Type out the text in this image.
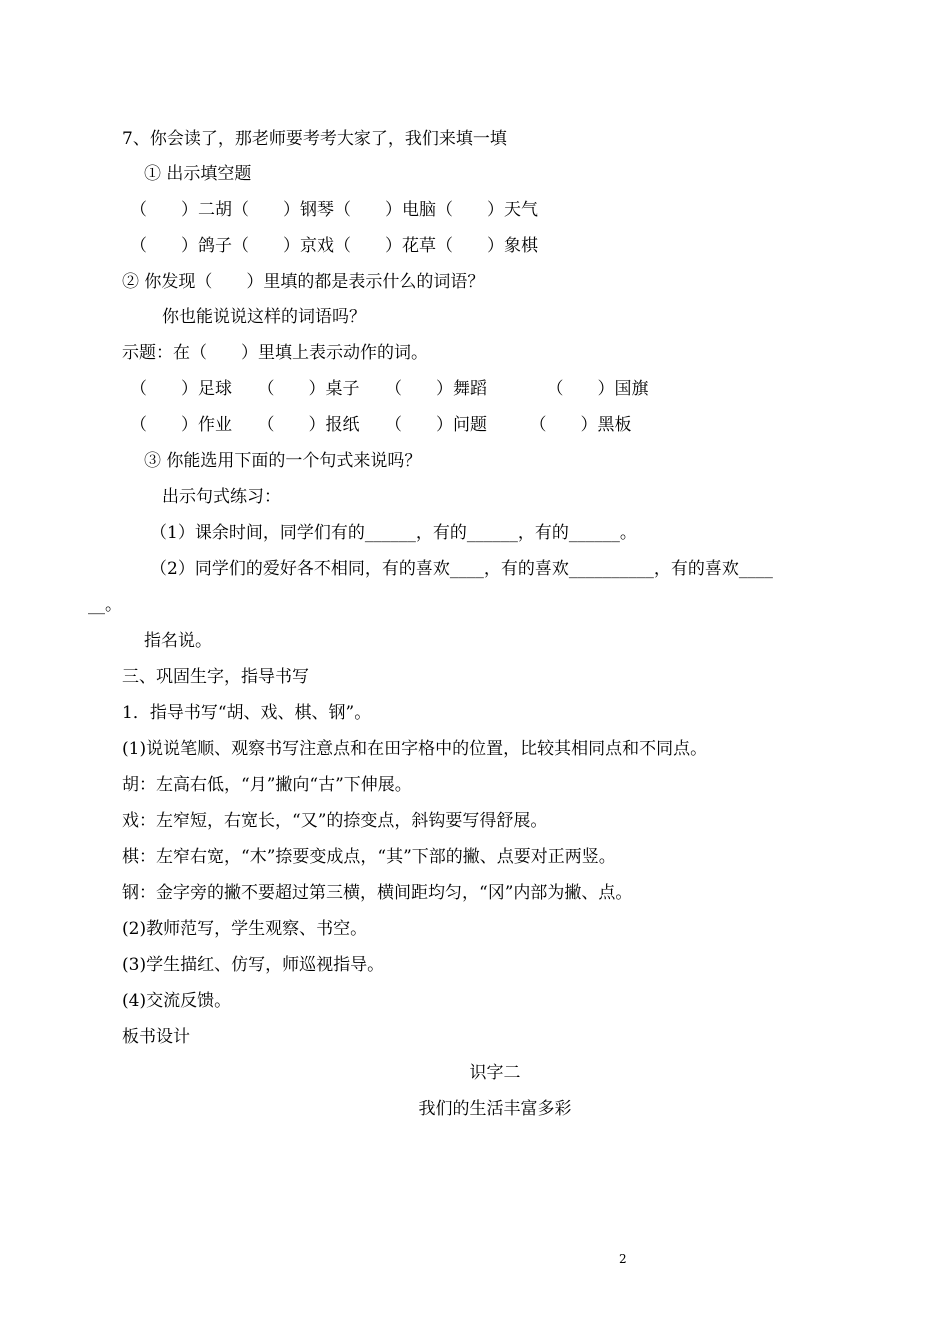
7、你会读了，那老师要考考大家了，我们来填一填
① 出示填空题
（　　）二胡（　　）钢琴（　　）电脑（　　）天气
（　　）鸽子（　　）京戏（　　）花草（　　）象棋
② 你发现（　　）里填的都是表示什么的词语？
你也能说说这样的词语吗？
示题：在（　　）里填上表示动作的词。
（　　）足球　　（　　）桌子　　（　　）舞蹈　　　　（　　）国旗
（　　）作业　　（　　）报纸　　（　　）问题　　　（　　）黑板
③ 你能选用下面的一个句式来说吗？
出示句式练习：
（1）课余时间，同学们有的______，有的______，有的______。
（2）同学们的爱好各不相同，有的喜欢____，有的喜欢__________，有的喜欢____
__。
指名说。
三、巩固生字，指导书写
1．指导书写“胡、戏、棋、钢”。
(1)说说笔顺、观察书写注意点和在田字格中的位置，比较其相同点和不同点。
胡：左高右低，“月”撇向“古”下伸展。
戏：左窄短，右宽长，“又”的捺变点，斜钩要写得舒展。
棋：左窄右宽，“木”捺要变成点，“其”下部的撇、点要对正两竖。
钢：金字旁的撇不要超过第三横，横间距均匀，“冈”内部为撇、点。
(2)教师范写，学生观察、书空。
(3)学生描红、仿写，师巡视指导。
(4)交流反馈。
板书设计
识字二
我们的生活丰富多彩
2
